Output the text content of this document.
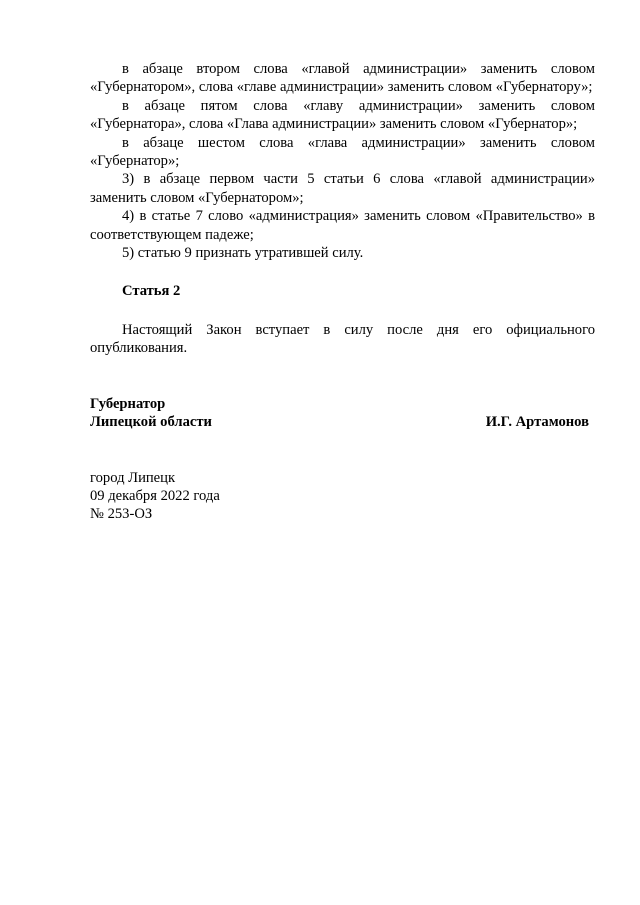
в абзаце втором слова «главой администрации» заменить словом «Губернатором», слова «главе администрации» заменить словом «Губернатору»;

в абзаце пятом слова «главу администрации» заменить словом «Губернатора», слова «Глава администрации» заменить словом «Губернатор»;

в абзаце шестом слова «глава администрации» заменить словом «Губернатор»;

3) в абзаце первом части 5 статьи 6 слова «главой администрации» заменить словом «Губернатором»;

4) в статье 7 слово «администрация» заменить словом «Правительство» в соответствующем падеже;

5) статью 9 признать утратившей силу.

Статья 2

Настоящий Закон вступает в силу после дня его официального опубликования.

Губернатор
Липецкой области	И.Г. Артамонов
город Липецк
09 декабря 2022 года
№ 253-ОЗ
